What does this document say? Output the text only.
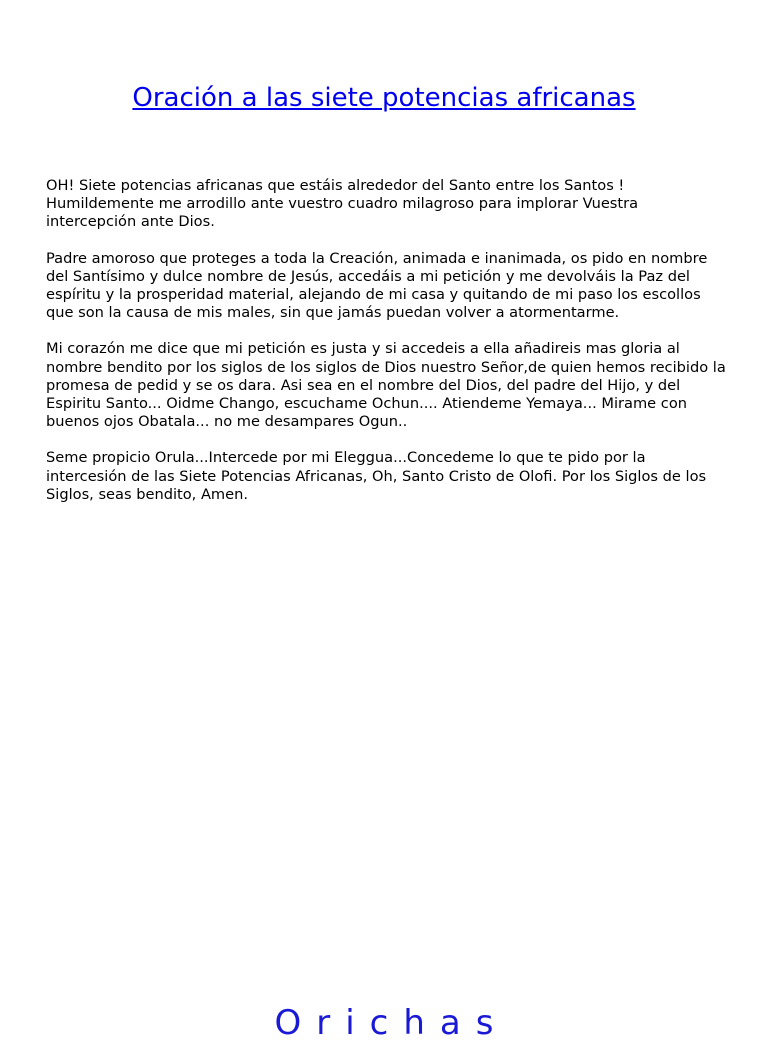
Oración a las siete potencias africanas

OH! Siete potencias africanas que estáis alrededor del Santo entre los Santos ! Humildemente me arrodillo ante vuestro cuadro milagroso para implorar Vuestra intercepción ante Dios.

Padre amoroso que proteges a toda la Creación, animada e inanimada, os pido en nombre del Santísimo y dulce nombre de Jesús, accedáis a mi petición y me devolváis la Paz del espíritu y la prosperidad material, alejando de mi casa y quitando de mi paso los escollos que son la causa de mis males, sin que jamás puedan volver a atormentarme.

Mi corazón me dice que mi petición es justa y si accedeis a ella añadireis mas gloria al nombre bendito por los siglos de los siglos de Dios nuestro Señor,de quien hemos recibido la promesa de pedid y se os dara. Asi sea en el nombre del Dios, del padre del Hijo, y del Espiritu Santo... Oidme Chango, escuchame Ochun.... Atiendeme Yemaya... Mirame con buenos ojos Obatala... no me desampares Ogun..

Seme propicio Orula...Intercede por mi Eleggua...Concedeme lo que te pido por la intercesión de las Siete Potencias Africanas, Oh, Santo Cristo de Olofi. Por los Siglos de los Siglos, seas bendito, Amen.

Orichas
